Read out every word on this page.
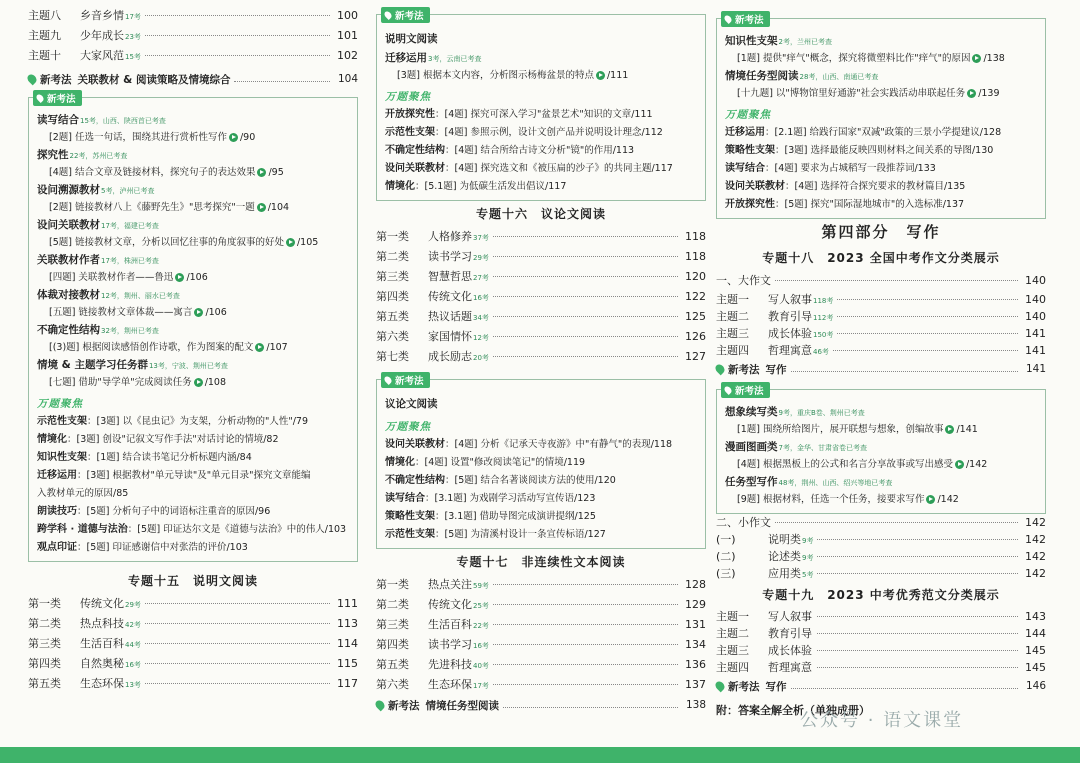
主题八	乡音乡情 17考	100
主题九	少年成长 23考	101
主题十	大家风范 15考	102
新考法 关联教材 & 阅读策略及情境综合	104
新考法
读写结合15考，山西、陕西首已考查
[2题] 任选一句话，围绕其进行赏析性写作 /90
探究性22考，苏州已考查
[4题] 结合文章及链接材料，探究句子的表达效果 /95
设问溯源教材5考，泸州已考查
[2题] 链接教材八上《藤野先生》"思考探究"一题 /104
设问关联教材17考，福建已考查
[5题] 链接教材文章，分析以回忆往事的角度叙事的好处 /105
关联教材作者17考，株洲已考查
[四题] 关联教材作者——鲁迅 /106
体裁对接教材12考，荆州、丽水已考查
[五题] 链接教材文章体裁——寓言 /106
不确定性结构32考，荆州已考查
[(3)题] 根据阅读感悟创作诗歌，作为图案的配文 /107
情境 & 主题学习任务群13考，宁波、荆州已考查
[七题] 借助"导学单"完成阅读任务 /108
万题聚焦
示范性支架：[3题] 以《昆虫记》为支架，分析动物的"人性"/79
情境化：[3题] 创设"记叙文写作手法"对话讨论的情境/82
知识性支架：[1题] 结合读书笔记分析标题内涵/84
迁移运用：[3题] 根据教材"单元导读"及"单元目录"探究文章能编
入教材单元的原因/85
朗读技巧：[5题] 分析句子中的词语标注重音的原因/96
跨学科 · 道德与法治：[5题] 印证达尔文是《道德与法治》中的伟人/103
观点印证：[5题] 印证感谢信中对张浩的评价/103
专题十五　说明文阅读
第一类	传统文化 29考	111
第二类	热点科技 42考	113
第三类	生活百科 44考	114
第四类	自然奥秘 16考	115
第五类	生态环保 13考	117
新考法
说明文阅读
迁移运用3考，云南已考查
[3题] 根据本文内容，分析图示杨梅盆景的特点 /111
万题聚焦
开放探究性：[4题] 探究可深入学习"盆景艺术"知识的文章/111
示范性支架：[4题] 参照示例，设计文创产品并说明设计理念/112
不确定性结构：[4题] 结合所给古诗文分析"镜"的作用/113
设问关联教材：[4题] 探究选文和《被压扁的沙子》的共同主题/117
情境化：[5.1题] 为低碳生活发出倡议/117
专题十六　议论文阅读
第一类	人格修养 37考	118
第二类	读书学习 29考	118
第三类	智慧哲思 27考	120
第四类	传统文化 16考	122
第五类	热议话题 34考	125
第六类	家国情怀 12考	126
第七类	成长励志 20考	127
新考法
议论文阅读
万题聚焦
设问关联教材：[4题] 分析《记承天寺夜游》中"有静气"的表现/118
情境化：[4题] 设置"修改阅读笔记"的情境/119
不确定性结构：[5题] 结合名著谈阅读方法的使用/120
读写结合：[3.1题] 为戏剧学习活动写宣传语/123
策略性支架：[3.1题] 借助导图完成演讲提纲/125
示范性支架：[5题] 为清溪村设计一条宣传标语/127
专题十七　非连续性文本阅读
第一类	热点关注 59考	128
第二类	传统文化 25考	129
第三类	生活百科 22考	131
第四类	读书学习 16考	134
第五类	先进科技 40考	136
第六类	生态环保 17考	137
新考法 情境任务型阅读	138
新考法
知识性支架2考，兰州已考查
[1题] 提供"痒气"概念，探究将微塑料比作"痒气"的原因 /138
情境任务型阅读28考，山西、南通已考查
[十九题] 以"博物馆里好通游"社会实践活动串联起任务 /139
万题聚焦
迁移运用：[2.1题] 给践行国家"双减"政策的三景小学提建议/128
策略性支架：[3题] 选择最能反映四则材料之间关系的导图/130
读写结合：[4题] 要求为占城稻写一段推荐词/133
设问关联教材：[4题] 选择符合探究要求的教材篇目/135
开放探究性：[5题] 探究"国际湿地城市"的入选标准/137
第四部分　写作
专题十八　2023 全国中考作文分类展示
一、大作文	140
主题一	写人叙事 118考	140
主题二	教育引导 112考	140
主题三	成长体验 150考	141
主题四	哲理寓意 46考	141
新考法 写作	141
新考法
想象续写类9考，重庆B卷、荆州已考查
[1题] 围绕所给图片，展开联想与想象，创编故事 /141
漫画图画类7考，金华、甘肃省卷已考查
[4题] 根据黑板上的公式和名言分享故事或写出感受 /142
任务型写作48考，荆州、山西、绍兴等地已考查
[9题] 根据材料，任选一个任务，接要求写作 /142
二、小作文	142
(一)	说明类 9考	142
(二)	论述类 9考	142
(三)	应用类 5考	142
专题十九　2023 中考优秀范文分类展示
主题一	写人叙事	143
主题二	教育引导	144
主题三	成长体验	145
主题四	哲理寓意	145
新考法 写作	146
附：答案全解全析（单独成册）
公众号 · 语文课堂
